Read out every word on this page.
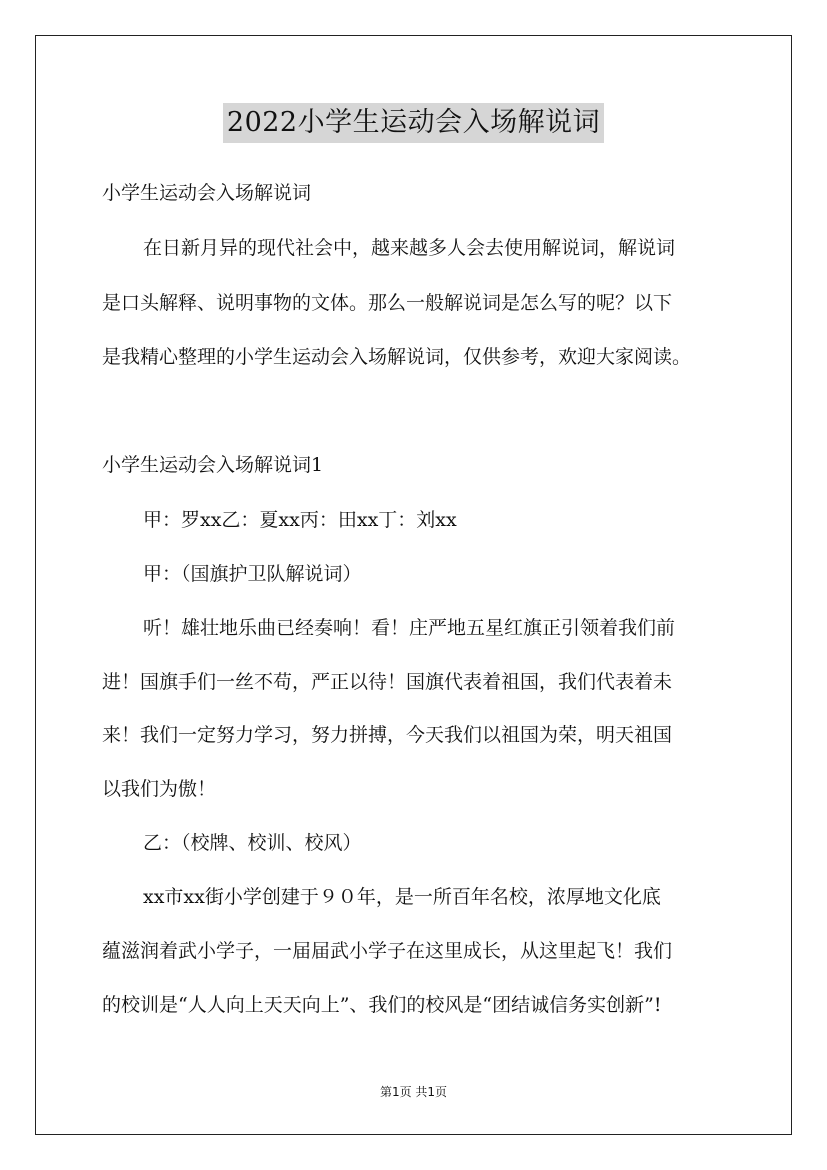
2022小学生运动会入场解说词
小学生运动会入场解说词
在日新月异的现代社会中，越来越多人会去使用解说词，解说词
是口头解释、说明事物的文体。那么一般解说词是怎么写的呢？以下
是我精心整理的小学生运动会入场解说词，仅供参考，欢迎大家阅读。
小学生运动会入场解说词1
甲：罗xx乙：夏xx丙：田xx丁：刘xx
甲：（国旗护卫队解说词）
听！雄壮地乐曲已经奏响！看！庄严地五星红旗正引领着我们前
进！国旗手们一丝不苟，严正以待！国旗代表着祖国，我们代表着未
来！我们一定努力学习，努力拼搏，今天我们以祖国为荣，明天祖国
以我们为傲！
乙：（校牌、校训、校风）
xx市xx街小学创建于９０年，是一所百年名校，浓厚地文化底
蕴滋润着武小学子，一届届武小学子在这里成长，从这里起飞！我们
的校训是“人人向上天天向上”、我们的校风是“团结诚信务实创新”!
第1页 共1页
